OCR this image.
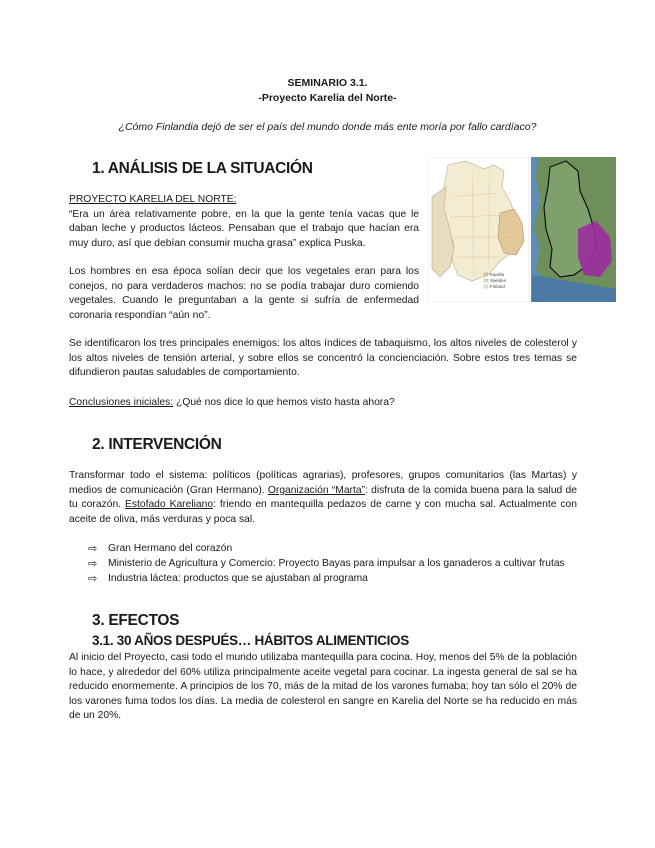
SEMINARIO 3.1.
-Proyecto Karelia del Norte-
¿Cómo Finlandia dejó de ser el país del mundo donde más ente moría por fallo cardíaco?
1. ANÁLISIS DE LA SITUACIÓN
PROYECTO KARELIA DEL NORTE:
“Era un área relativamente pobre, en la que la gente tenía vacas que le daban leche y productos lácteos. Pensaban que el trabajo que hacían era muy duro, así que debían consumir mucha grasa” explica Puska.
Los hombres en esa época solían decir que los vegetales eran para los conejos, no para verdaderos machos: no se podía trabajar duro comiendo vegetales. Cuando le preguntaban a la gente si sufría de enfermedad coronaria respondían “aún no”.
Karelia
Sweden
Finland
Se identificaron los tres principales enemigos: los altos índices de tabaquismo, los altos niveles de colesterol y los altos niveles de tensión arterial, y sobre ellos se concentró la concienciación. Sobre estos tres temas se difundieron pautas saludables de comportamiento.
Conclusiones iniciales: ¿Qué nos dice lo que hemos visto hasta ahora?
2. INTERVENCIÓN
Transformar todo el sistema: políticos (políticas agrarias), profesores, grupos comunitarios (las Martas) y medios de comunicación (Gran Hermano). Organización “Marta”: disfruta de la comida buena para la salud de tu corazón. Estofado Kareliano: friendo en mantequilla pedazos de carne y con mucha sal. Actualmente con aceite de oliva, más verduras y poca sal.
⇨	Gran Hermano del corazón
⇨	Ministerio de Agricultura y Comercio: Proyecto Bayas para impulsar a los ganaderos a cultivar frutas
⇨	Industria láctea: productos que se ajustaban al programa
3. EFECTOS
3.1. 30 AÑOS DESPUÉS… HÁBITOS ALIMENTICIOS
Al inicio del Proyecto, casi todo el mundo utilizaba mantequilla para cocina. Hoy, menos del 5% de la población lo hace, y alrededor del 60% utiliza principalmente aceite vegetal para cocinar. La ingesta general de sal se ha reducido enormemente. A principios de los 70, más de la mitad de los varones fumaba; hoy tan sólo el 20% de los varones fuma todos los días. La media de colesterol en sangre en Karelia del Norte se ha reducido en más de un 20%.
